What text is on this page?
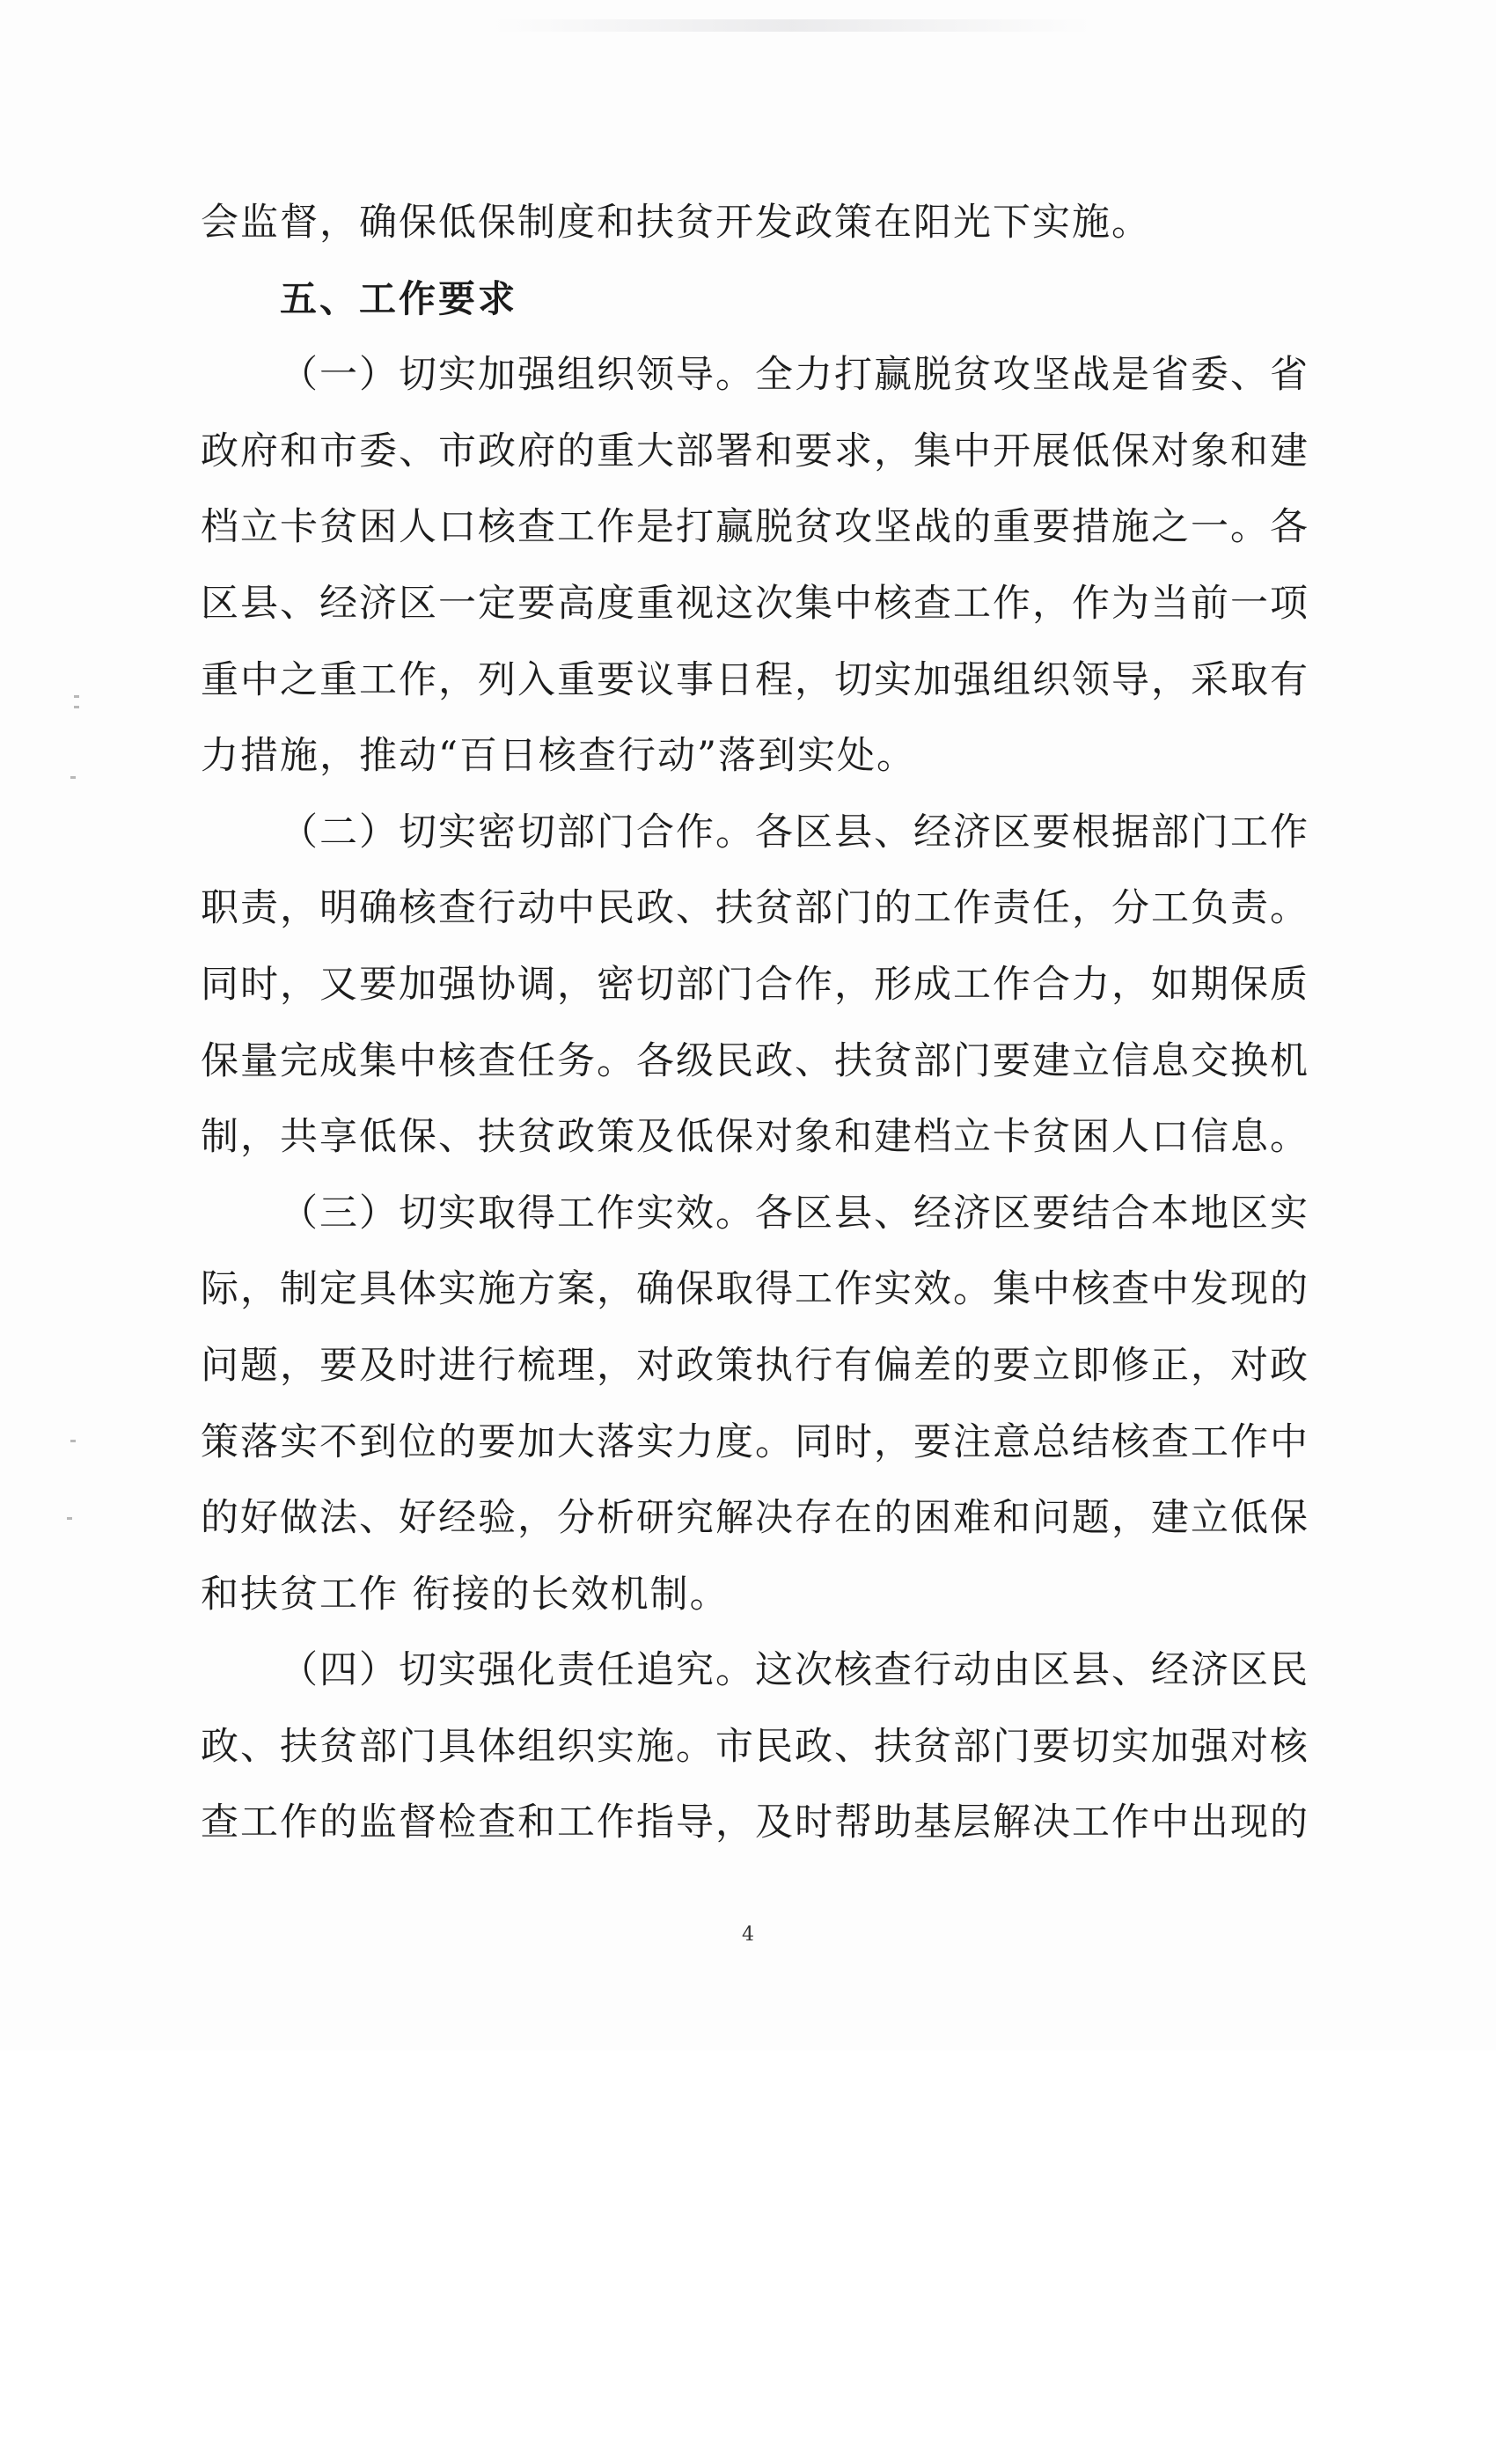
会监督，确保低保制度和扶贫开发政策在阳光下实施。
五、工作要求
（一）切实加强组织领导。全力打赢脱贫攻坚战是省委、省
政府和市委、市政府的重大部署和要求，集中开展低保对象和建
档立卡贫困人口核查工作是打赢脱贫攻坚战的重要措施之一。各
区县、经济区一定要高度重视这次集中核查工作，作为当前一项
重中之重工作，列入重要议事日程，切实加强组织领导，采取有
力措施，推动“百日核查行动”落到实处。
（二）切实密切部门合作。各区县、经济区要根据部门工作
职责，明确核查行动中民政、扶贫部门的工作责任，分工负责。
同时，又要加强协调，密切部门合作，形成工作合力，如期保质
保量完成集中核查任务。各级民政、扶贫部门要建立信息交换机
制，共享低保、扶贫政策及低保对象和建档立卡贫困人口信息。
（三）切实取得工作实效。各区县、经济区要结合本地区实
际，制定具体实施方案，确保取得工作实效。集中核查中发现的
问题，要及时进行梳理，对政策执行有偏差的要立即修正，对政
策落实不到位的要加大落实力度。同时，要注意总结核查工作中
的好做法、好经验，分析研究解决存在的困难和问题，建立低保
和扶贫工作 衔接的长效机制。
（四）切实强化责任追究。这次核查行动由区县、经济区民
政、扶贫部门具体组织实施。市民政、扶贫部门要切实加强对核
查工作的监督检查和工作指导，及时帮助基层解决工作中出现的
4
